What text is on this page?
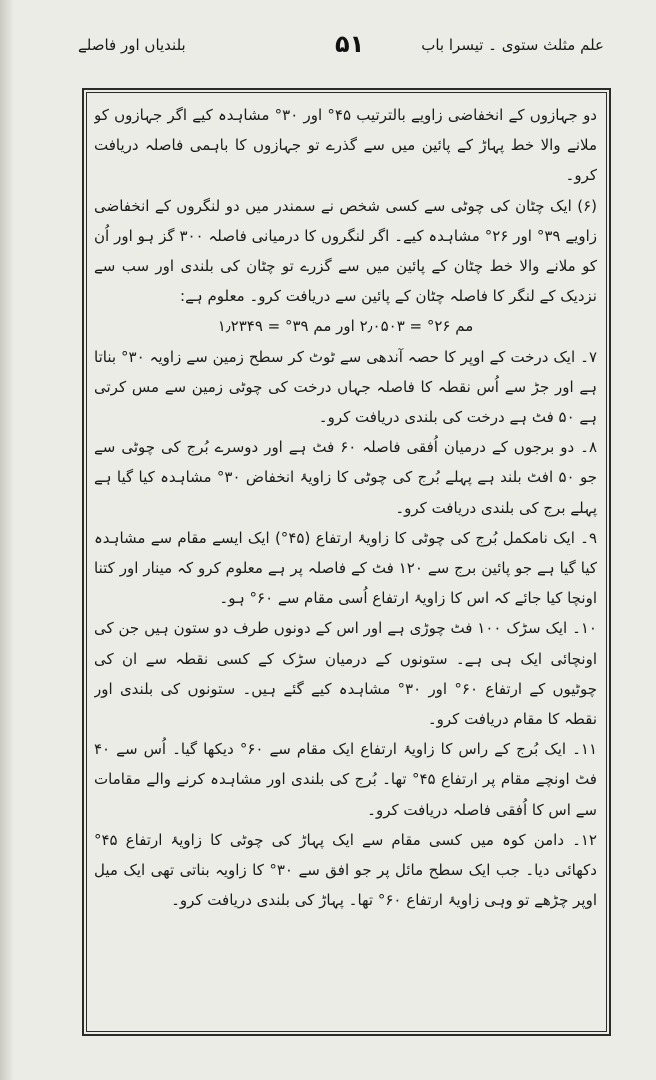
بلندیاں اور فاصلے	۵۱	علم مثلث ستوی ۔ تیسرا باب

دو جہازوں کے انخفاضی زاویے بالترتیب ۴۵° اور ۳۰° مشاہدہ کیے اگر جہازوں کو ملانے والا خط پہاڑ کے پائین میں سے گذرے تو جہازوں کا باہمی فاصلہ دریافت کرو۔

(۶) ایک چٹان کی چوٹی سے کسی شخص نے سمندر میں دو لنگروں کے انخفاضی زاویے ۳۹° اور ۲۶° مشاہدہ کیے۔ اگر لنگروں کا درمیانی فاصلہ ۳۰۰ گز ہو اور اُن کو ملانے والا خط چٹان کے پائین میں سے گزرے تو چٹان کی بلندی اور سب سے نزدیک کے لنگر کا فاصلہ چٹان کے پائین سے دریافت کرو۔ معلوم ہے:

مم ۲۶° = ۲٫۰۵۰۳ اور مم ۳۹° = ۱٫۲۳۴۹

۷۔ ایک درخت کے اوپر کا حصہ آندھی سے ٹوٹ کر سطح زمین سے زاویہ ۳۰° بناتا ہے اور جڑ سے اُس نقطہ کا فاصلہ جہاں درخت کی چوٹی زمین سے مس کرتی ہے ۵۰ فٹ ہے درخت کی بلندی دریافت کرو۔

۸۔ دو برجوں کے درمیان اُفقی فاصلہ ۶۰ فٹ ہے اور دوسرے بُرج کی چوٹی سے جو ۵۰ افٹ بلند ہے پہلے بُرج کی چوٹی کا زاویۂ انخفاض ۳۰° مشاہدہ کیا گیا ہے پہلے برج کی بلندی دریافت کرو۔

۹۔ ایک نامکمل بُرج کی چوٹی کا زاویۂ ارتفاع (۴۵°) ایک ایسے مقام سے مشاہدہ کیا گیا ہے جو پائین برج سے ۱۲۰ فٹ کے فاصلہ پر ہے معلوم کرو کہ مینار اور کتنا اونچا کیا جائے کہ اس کا زاویۂ ارتفاع اُسی مقام سے ۶۰° ہو۔

۱۰۔ ایک سڑک ۱۰۰ فٹ چوڑی ہے اور اس کے دونوں طرف دو ستون ہیں جن کی اونچائی ایک ہی ہے۔ ستونوں کے درمیان سڑک کے کسی نقطہ سے ان کی چوٹیوں کے ارتفاع ۶۰° اور ۳۰° مشاہدہ کیے گئے ہیں۔ ستونوں کی بلندی اور نقطہ کا مقام دریافت کرو۔

۱۱۔ ایک بُرج کے راس کا زاویۂ ارتفاع ایک مقام سے ۶۰° دیکھا گیا۔ اُس سے ۴۰ فٹ اونچے مقام پر ارتفاع ۴۵° تھا۔ بُرج کی بلندی اور مشاہدہ کرنے والے مقامات سے اس کا اُفقی فاصلہ دریافت کرو۔

۱۲۔ دامن کوہ میں کسی مقام سے ایک پہاڑ کی چوٹی کا زاویۂ ارتفاع ۴۵° دکھائی دیا۔ جب ایک سطح مائل پر جو افق سے ۳۰° کا زاویہ بناتی تھی ایک میل اوپر چڑھے تو وہی زاویۂ ارتفاع ۶۰° تھا۔ پہاڑ کی بلندی دریافت کرو۔
